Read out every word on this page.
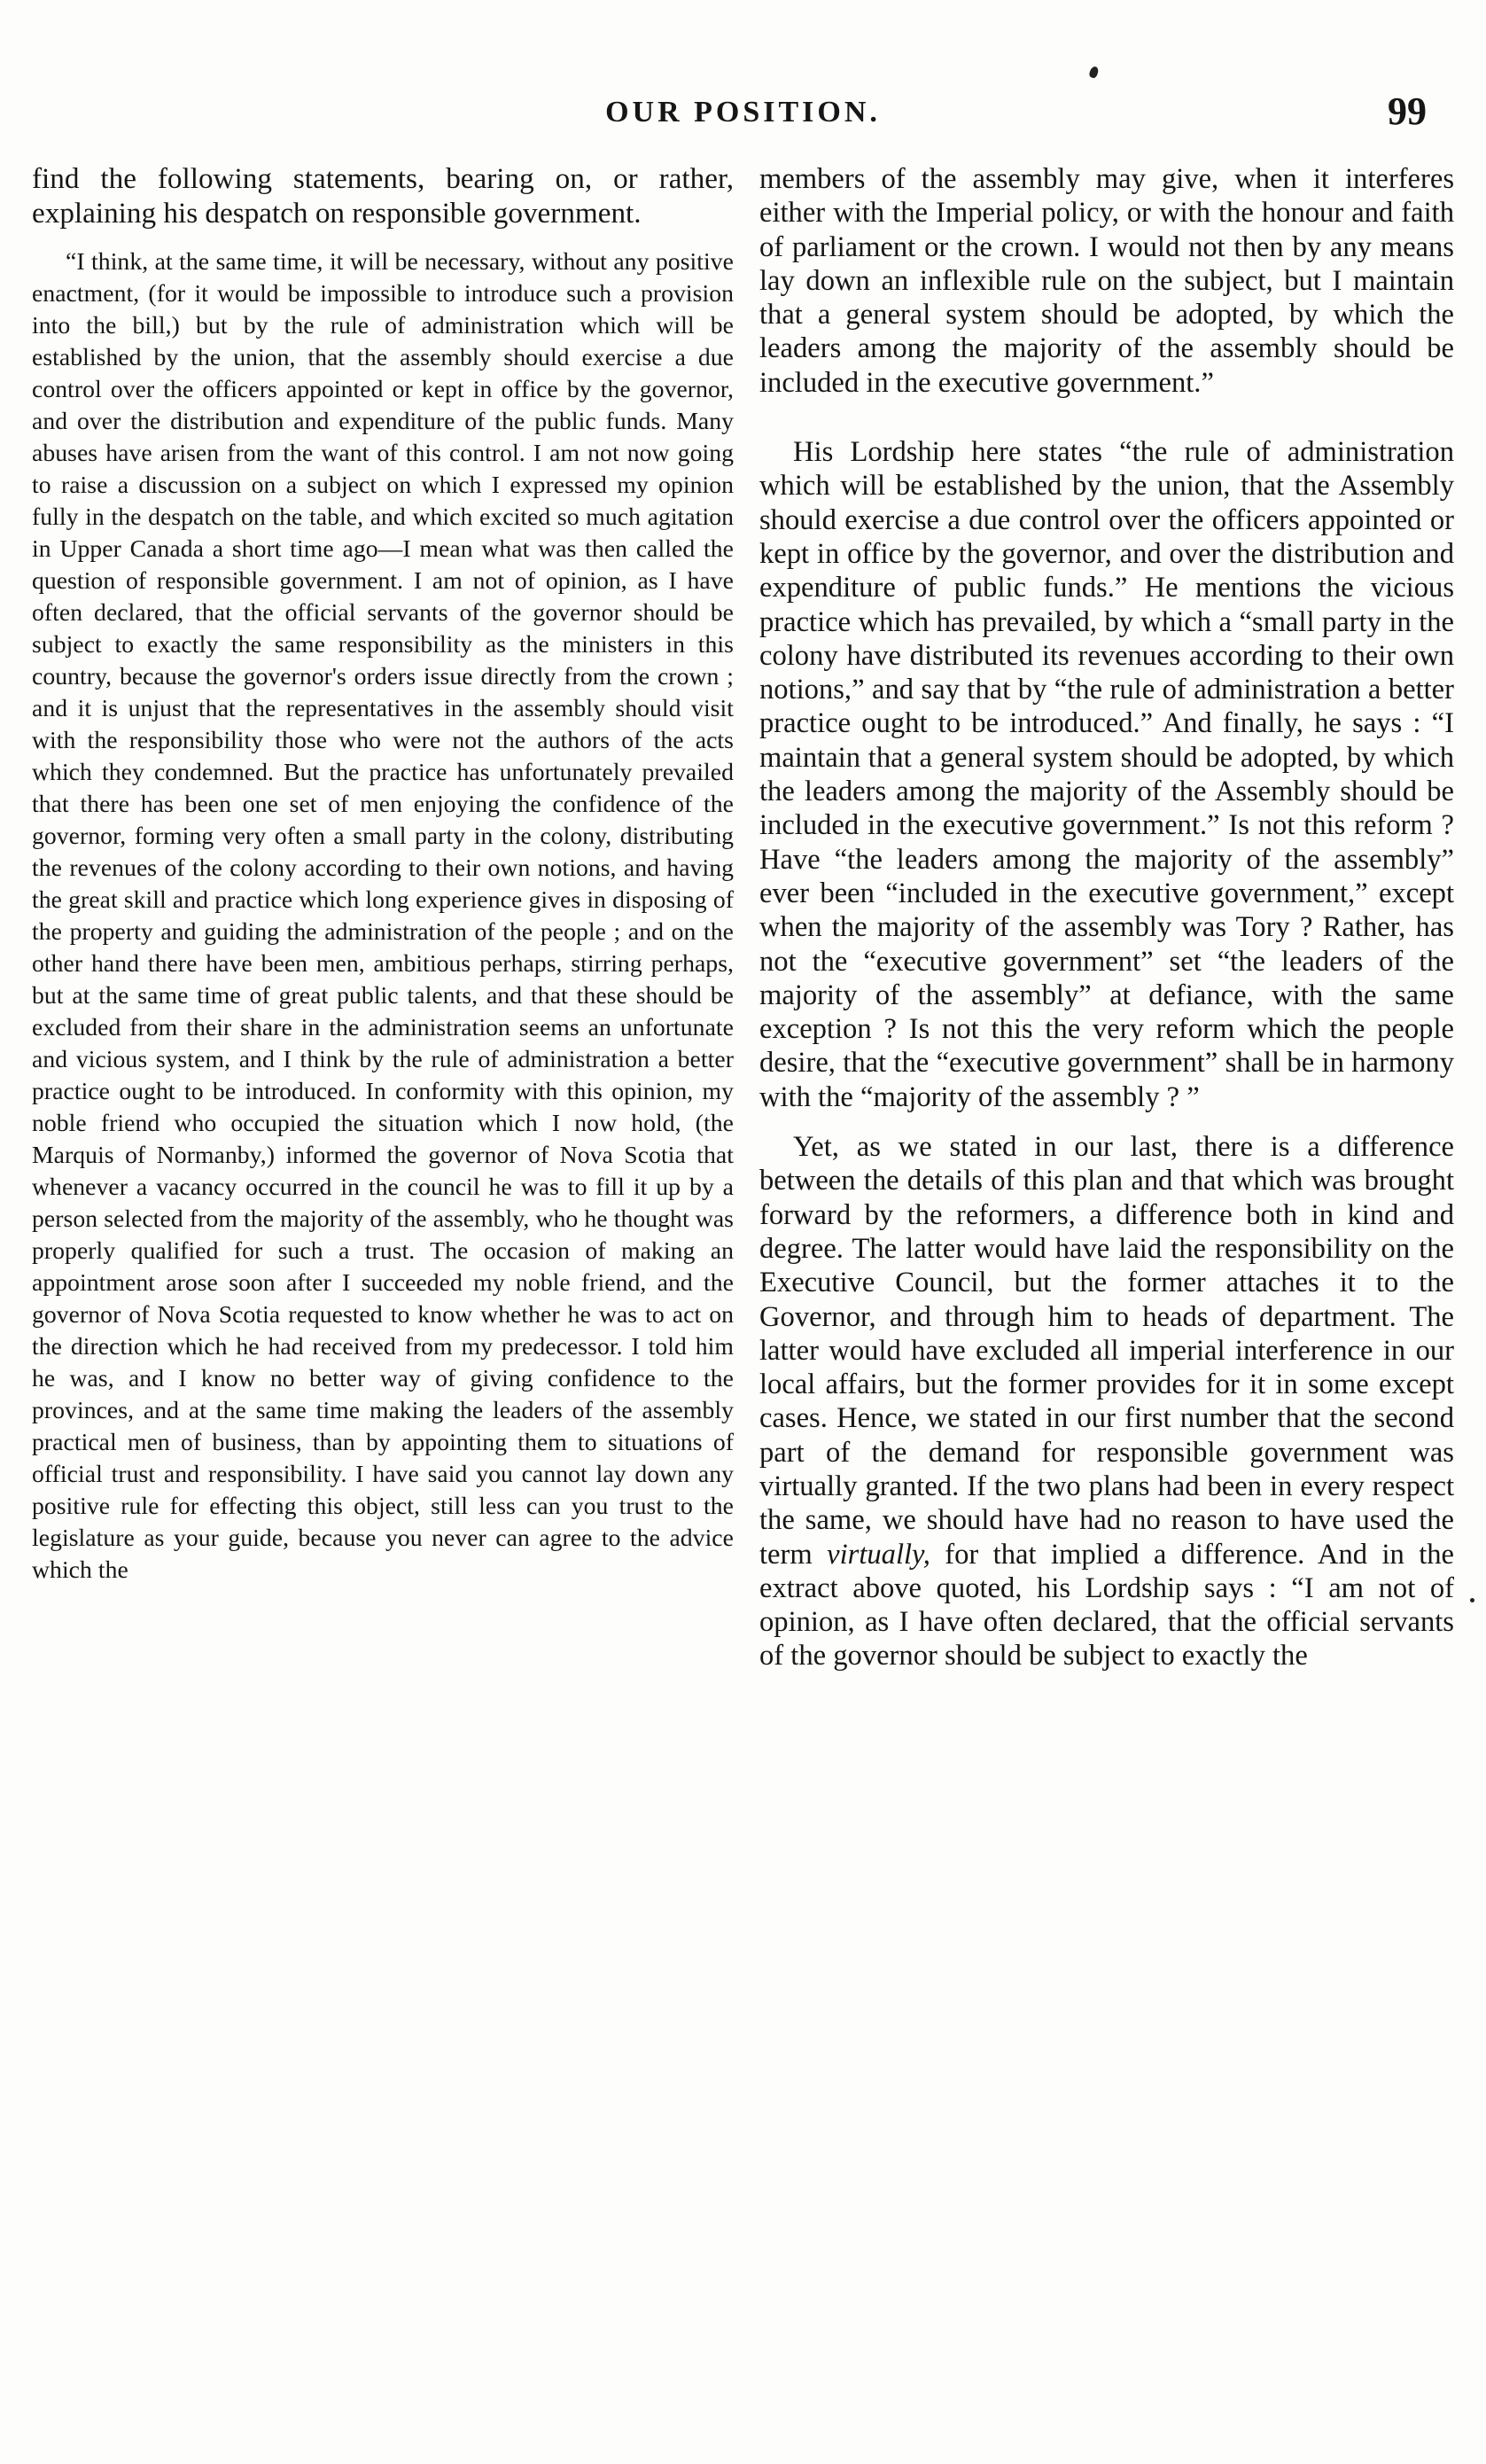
OUR POSITION.	99

find the following statements, bearing on, or rather, explaining his despatch on responsible government.

“I think, at the same time, it will be necessary, without any positive enactment, (for it would be impossible to introduce such a provision into the bill,) but by the rule of administration which will be established by the union, that the assembly should exercise a due control over the officers appointed or kept in office by the governor, and over the distribution and expenditure of the public funds. Many abuses have arisen from the want of this control. I am not now going to raise a discussion on a subject on which I expressed my opinion fully in the despatch on the table, and which excited so much agitation in Upper Canada a short time ago—I mean what was then called the question of responsible government. I am not of opinion, as I have often declared, that the official servants of the governor should be subject to exactly the same responsibility as the ministers in this country, because the governor's orders issue directly from the crown ; and it is unjust that the representatives in the assembly should visit with the responsibility those who were not the authors of the acts which they condemned. But the practice has unfortunately prevailed that there has been one set of men enjoying the confidence of the governor, forming very often a small party in the colony, distributing the revenues of the colony according to their own notions, and having the great skill and practice which long experience gives in disposing of the property and guiding the administration of the people ; and on the other hand there have been men, ambitious perhaps, stirring perhaps, but at the same time of great public talents, and that these should be excluded from their share in the administration seems an unfortunate and vicious system, and I think by the rule of administration a better practice ought to be introduced. In conformity with this opinion, my noble friend who occupied the situation which I now hold, (the Marquis of Normanby,) informed the governor of Nova Scotia that whenever a vacancy occurred in the council he was to fill it up by a person selected from the majority of the assembly, who he thought was properly qualified for such a trust. The occasion of making an appointment arose soon after I succeeded my noble friend, and the governor of Nova Scotia requested to know whether he was to act on the direction which he had received from my predecessor. I told him he was, and I know no better way of giving confidence to the provinces, and at the same time making the leaders of the assembly practical men of business, than by appointing them to situations of official trust and responsibility. I have said you cannot lay down any positive rule for effecting this object, still less can you trust to the legislature as your guide, because you never can agree to the advice which the

members of the assembly may give, when it interferes either with the Imperial policy, or with the honour and faith of parliament or the crown. I would not then by any means lay down an inflexible rule on the subject, but I maintain that a general system should be adopted, by which the leaders among the majority of the assembly should be included in the executive government.”

His Lordship here states “the rule of administration which will be established by the union, that the Assembly should exercise a due control over the officers appointed or kept in office by the governor, and over the distribution and expenditure of public funds.” He mentions the vicious practice which has prevailed, by which a “small party in the colony have distributed its revenues according to their own notions,” and say that by “the rule of administration a better practice ought to be introduced.” And finally, he says : “I maintain that a general system should be adopted, by which the leaders among the majority of the Assembly should be included in the executive government.” Is not this reform ? Have “the leaders among the majority of the assembly” ever been “included in the executive government,” except when the majority of the assembly was Tory ? Rather, has not the “executive government” set “the leaders of the majority of the assembly” at defiance, with the same exception ? Is not this the very reform which the people desire, that the “executive government” shall be in harmony with the “majority of the assembly ? ”

Yet, as we stated in our last, there is a difference between the details of this plan and that which was brought forward by the reformers, a difference both in kind and degree. The latter would have laid the responsibility on the Executive Council, but the former attaches it to the Governor, and through him to heads of department. The latter would have excluded all imperial interference in our local affairs, but the former provides for it in some except cases. Hence, we stated in our first number that the second part of the demand for responsible government was virtually granted. If the two plans had been in every respect the same, we should have had no reason to have used the term virtually, for that implied a difference. And in the extract above quoted, his Lordship says : “I am not of opinion, as I have often declared, that the official servants of the governor should be subject to exactly the
